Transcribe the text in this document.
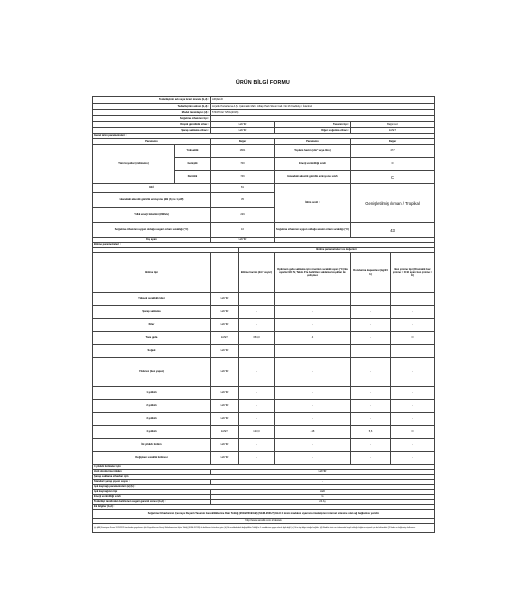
ÜRÜN BİLGİ FORMU
Tedarikçinin adı veya ticari ünvanı (b,d) :		ARÇELİK				
Tedarikçinin adresi (b,d) :		Arçelik Pazarlama A.Ş. Çakmaklı Mah. Afitap Park Sitesi Cad. No:16 Kadıköy / İstanbul				
Model tanımlayıcı (d) :		579476 EI 725G(2016)				
Soğutma cihazının tipi :						
Düşük gürültülü cihaz :		HAYIR		Tasarım tipi :	Bağımsız	
Şarap saklama cihazı :		HAYIR		Diğer soğutma cihazı :	EVET	
Genel ürün parametreleri :						
Parametre		Değer		Parametre	Değer	
Tüm boyutlar (milimetre)	Yükseklik	1861		Toplam hacim (dm³ veya litre)	477	
	Genişlik	700		Enerji verimliliği sınıfı	D	
	Derinlik	746		Havadaki akustik gürültü emisyonu sınıfı	C	
EEİ		81		İklim sınıfı :	Genişletilmiş ılıman / Tropikal	
Havadaki akustik gürültü emisyonu (dB (A) re 1 pW)		35				
Yıllık enerji tüketimi (kWh/a)		229				
Soğutma cihazının uygun olduğu asgari ortam sıcaklığı (°C)		10		Soğutma cihazının uygun olduğu azami ortam sıcaklığı (°C)	43	
Kış ayarı		HAYIR				
Bölme parametreleri :						
			Bölme parametreleri ve değerleri			
Bölme tipi			Bölme hacmi (dm³ veya l)	Optimum gıda saklama için önerilen sıcaklık ayarı (°C) Bu ayarlar EK IV, Tablo 3'te belirtilen saklama koşulları ile çelişmez	Dondurma kapasitesi (kg/24 h)	Buz çözme tipi (Otomatik buz çözme = O El ayarı buz çözme = E)
Yüksek sıcaklıklı kiler		HAYIR				
Şarap saklama		HAYIR	-	-	-	-
Kiler		HAYIR	-	-	-	-
Taze gıda		EVET	354,0	4	-	O
Soğuk		HAYIR				
Yıldızsız (buz yapıcı)		HAYIR	-	-	-	-
1-yıldızlı		HAYIR	-	-	-	-
2-yıldızlı		HAYIR	-	-	-	-
3-yıldızlı		HAYIR	-	-	-	-
4-yıldızlı		EVET	123,0	-18	5,6	O
İki yıldızlı bölüm		HAYIR	-	-	-	-
Değişken sıcaklık bölmesi		HAYIR	-	-	-	-
4 yıldızlı bölmeler için						
Hızlı dondurma imkânı		HAYIR				
Şarap saklama cihazları için						
Standart şarap şişesi sayısı :		-				
Işık kaynağı parametreleri (a) (b) :						
Işık kaynağının tipi		LED				
Enerji verimliliği sınıfı		G				
Tedarikçi tarafından belirlenen asgari garanti süresi (b,d) :		24 Ay				
Ek bilgiler (b,d) :						
Soğutma Cihazlarının Çevreye Duyarlı Tasarım Gerekliliklerine Dair Tebliğ (2019/2019/AB) (SGM-2021/7) Ek-II 4 üncü maddesi uyarınca imalatçının internet sitesine olan ağ bağlantısı yeridir.						
http://www.arcelik.com.tr/destek						
(a) (AB) Komisyon Kararı 2019/2015 tarafından yayınlanan Işık Kaynaklarının Enerji Etiketlemesine ilişkin Tebliğ (SGM-2021/8) ile belirlenen kriterlere göre. (b) Bu maddelerdeki değişiklikler Tebliğ'in 4. maddesine uygun olarak ilgili değil. (c) Ürün tipi bilgisi isteğe bağlıdır. (d) Modelin ürün veri tabanında kayıtlı olduğu bilgilere erişmek için bu bölümdeki QR kodu ve bağlantıyı kullanınız.						
